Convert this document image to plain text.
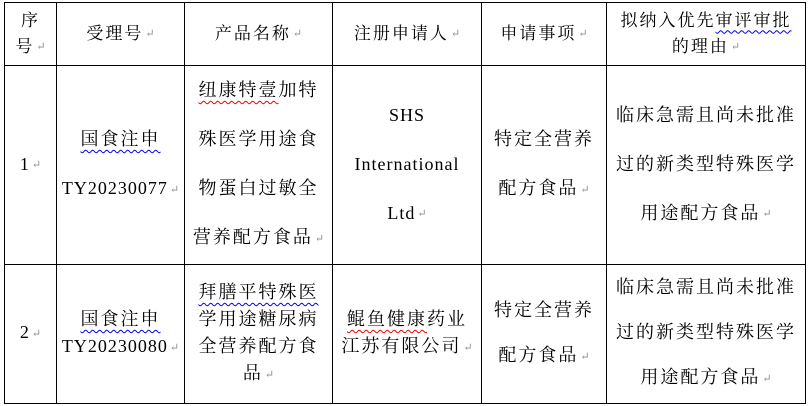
序
号 ↵	受理号 ↵	产品名称 ↵	注册申请人 ↵	申请事项 ↵	拟纳入优先审评审批
的理由 ↵

1 ↵	国食注申
TY20230077 ↵	纽康特壹加特
殊医学用途食
物蛋白过敏全
营养配方食品 ↵	SHS
International
Ltd ↵	特定全营养
配方食品 ↵	临床急需且尚未批准
过的新类型特殊医学
用途配方食品 ↵

2 ↵	国食注申
TY20230080 ↵	拜膳平特殊医
学用途糖尿病
全营养配方食
品 ↵	鲲鱼健康药业
江苏有限公司 ↵	特定全营养
配方食品 ↵	临床急需且尚未批准
过的新类型特殊医学
用途配方食品 ↵
